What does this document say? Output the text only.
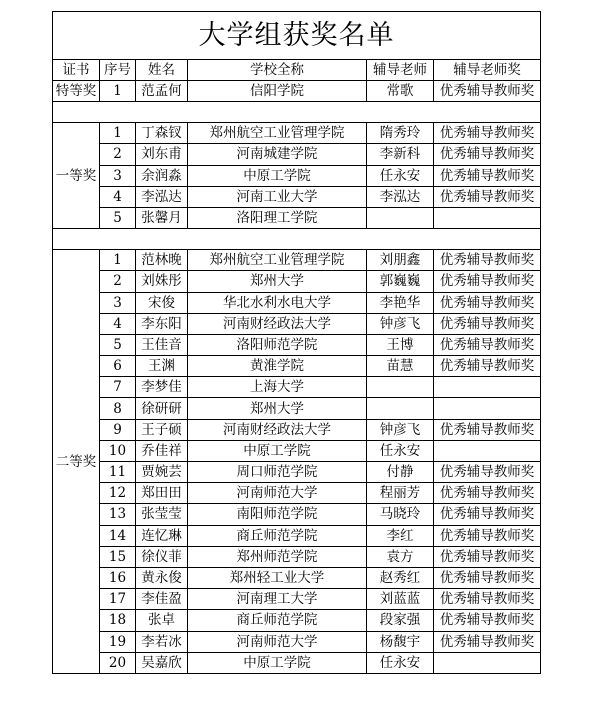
大学组获奖名单					
证书	序号	姓名	学校全称	辅导老师	辅导老师奖
特等奖	1	范孟何	信阳学院	常歌	优秀辅导教师奖

一等奖	1	丁森钗	郑州航空工业管理学院	隋秀玲	优秀辅导教师奖
	2	刘东甫	河南城建学院	李新科	优秀辅导教师奖
	3	余润淼	中原工学院	任永安	优秀辅导教师奖
	4	李泓达	河南工业大学	李泓达	优秀辅导教师奖
	5	张馨月	洛阳理工学院		

二等奖	1	范林晚	郑州航空工业管理学院	刘朋鑫	优秀辅导教师奖
	2	刘姝彤	郑州大学	郭巍巍	优秀辅导教师奖
	3	宋俊	华北水利水电大学	李艳华	优秀辅导教师奖
	4	李东阳	河南财经政法大学	钟彦飞	优秀辅导教师奖
	5	王佳音	洛阳师范学院	王博	优秀辅导教师奖
	6	王渊	黄淮学院	苗慧	优秀辅导教师奖
	7	李梦佳	上海大学		
	8	徐研研	郑州大学		
	9	王子硕	河南财经政法大学	钟彦飞	优秀辅导教师奖
	10	乔佳祥	中原工学院	任永安	
	11	贾婉芸	周口师范学院	付静	优秀辅导教师奖
	12	郑田田	河南师范大学	程丽芳	优秀辅导教师奖
	13	张莹莹	南阳师范学院	马晓玲	优秀辅导教师奖
	14	连忆琳	商丘师范学院	李红	优秀辅导教师奖
	15	徐仪菲	郑州师范学院	袁方	优秀辅导教师奖
	16	黄永俊	郑州轻工业大学	赵秀红	优秀辅导教师奖
	17	李佳盈	河南理工大学	刘蓝蓝	优秀辅导教师奖
	18	张卓	商丘师范学院	段家强	优秀辅导教师奖
	19	李若冰	河南师范大学	杨馥宇	优秀辅导教师奖
	20	吴嘉欣	中原工学院	任永安	
